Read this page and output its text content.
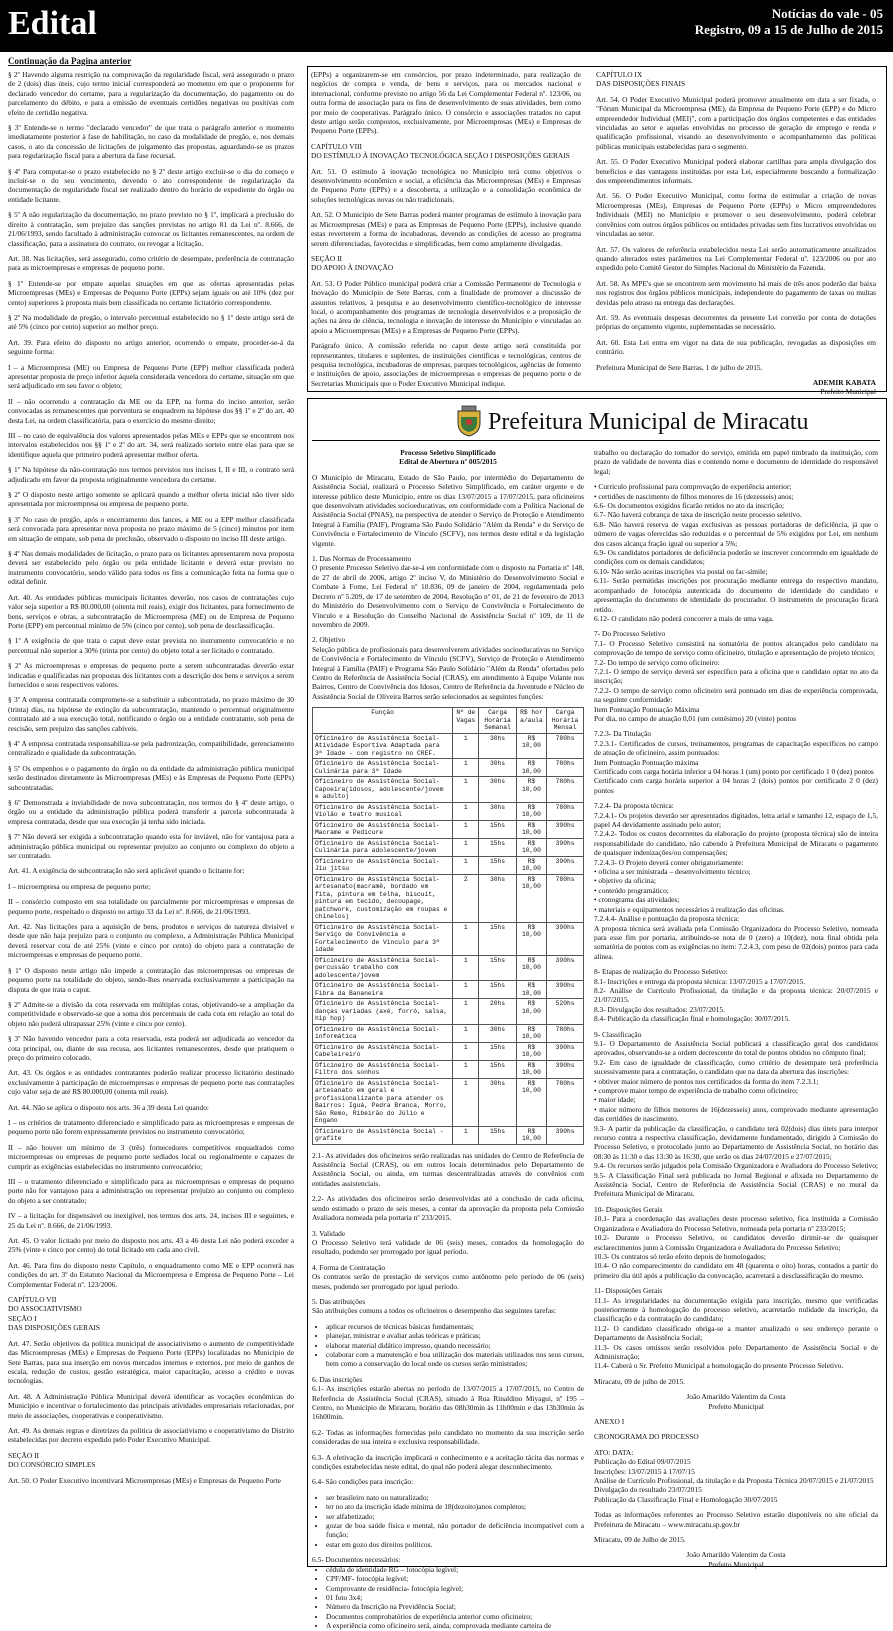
Edital	Notícias do vale - 05
Registro, 09 a 15 de Julho de 2015
Continuação da Pagina anterior

§ 2º Havendo alguma restrição na comprovação da regularidade fiscal, será assegurado o prazo de 2 (dois) dias úteis, cujo termo inicial corresponderá ao momento em que o proponente for declarado vencedor do certame, para a regularização da documentação, do pagamento ou do parcelamento do débito, e para a emissão de eventuais certidões negativas ou positivas com efeito de certidão negativa.

§ 3º Entende-se o termo "declarado vencedor" de que trata o parágrafo anterior o momento imediatamente posterior à fase de habilitação, no caso da modalidade de pregão, e, nos demais casos, o ato da concessão de licitações de julgamento das propostas, aguardando-se os prazos para regularização fiscal para a abertura da fase recursal.

§ 4º Para computar-se o prazo estabelecido no § 2º deste artigo excluir-se o dia do começo e incluir-se o do seu vencimento, devendo o ato correspondente de regularização da documentação de regularidade fiscal ser realizado dentro do horário de expediente do órgão ou entidade licitante.

§ 5º A não regularização da documentação, no prazo previsto no § 1º, implicará a preclusão do direito à contratação, sem prejuízo das sanções previstas no artigo 81 da Lei nº. 8.666, de 21/06/1993, sendo facultado à administração convocar os licitantes remanescentes, na ordem de classificação, para a assinatura do contrato, ou revogar a licitação.

Art. 38. Nas licitações, será assegurado, como critério de desempate, preferência de contratação para as microempresas e empresas de pequeno porte.

§ 1º Entende-se por empate aquelas situações em que as ofertas apresentadas pelas Microempresas (MEs) e Empresas de Pequeno Porte (EPPs) sejam iguais ou até 10% (dez por cento) superiores à proposta mais bem classificada no certame licitatório correspondente.

§ 2º Na modalidade de pregão, o intervalo percentual estabelecido no § 1º deste artigo será de até 5% (cinco por cento) superior ao melhor preço.

Art. 39. Para efeito do disposto no artigo anterior, ocorrendo o empate, proceder-se-á da seguinte forma:

I – a Microempresa (ME) ou Empresa de Pequeno Porte (EPP) melhor classificada poderá apresentar proposta de preço inferior àquela considerada vencedora do certame, situação em que será adjudicado em seu favor o objeto;

II – não ocorrendo a contratação da ME ou da EPP, na forma do inciso anterior, serão convocadas as remanescentes que porventura se enquadrem na hipótese dos §§ 1º e 2º do art. 40 desta Lei, na ordem classificatória, para o exercício do mesmo direito;

III – no caso de equivalência dos valores apresentados pelas MEs e EPPs que se encontrem nos intervalos estabelecidos nos §§ 1º e 2º do art. 34, será realizado sorteio entre elas para que se identifique aquela que primeiro poderá apresentar melhor oferta.

§ 1º Na hipótese da não-contratação nos termos previstos nos incisos I, II e III, o contrato será adjudicado em favor da proposta originalmente vencedora do certame.

§ 2º O disposto neste artigo somente se aplicará quando a melhor oferta inicial não tiver sido apresentada por microempresa ou empresa de pequeno porte.

§ 3º No caso de pregão, após o encerramento dos lances, a ME ou a EPP melhor classificada será convocada para apresentar nova proposta no prazo máximo de 5 (cinco) minutos por item em situação de empate, sob pena de preclusão, observado o disposto no inciso III deste artigo.

§ 4º Nas demais modalidades de licitação, o prazo para os licitantes apresentarem nova proposta deverá ser estabelecido pelo órgão ou pela entidade licitante e deverá estar previsto no instrumento convocatório, sendo válido para todos os fins a comunicação feita na forma que o edital definir.

Art. 40. As entidades públicas municipais licitantes deverão, nos casos de contratações cujo valor seja superior a R$ 80.000,00 (oitenta mil reais), exigir dos licitantes, para fornecimento de bens, serviços e obras, a subcontratação de Microempresa (ME) ou de Empresa de Pequeno Porte (EPP) em percentual mínimo de 5% (cinco por cento), sob pena de desclassificação.

§ 1º A exigência de que trata o caput deve estar prevista no instrumento convocatório e no percentual não superior a 30% (trinta por cento) do objeto total a ser licitado e contratado.

§ 2º As microempresas e empresas de pequeno porte a serem subcontratadas deverão estar indicadas e qualificadas nas propostas dos licitantes com a descrição dos bens e serviços a serem fornecidos e seus respectivos valores.

§ 3º A empresa contratada compromete-se a substituir a subcontratada, no prazo máximo de 30 (trinta) dias, na hipótese de extinção da subcontratação, mantendo o percentual originalmente contratado até a sua execução total, notificando o órgão ou a entidade contratante, sob pena de rescisão, sem prejuízo das sanções cabíveis.

§ 4º A empresa contratada responsabiliza-se pela padronização, compatibilidade, gerenciamento centralizado e qualidade da subcontratação.

§ 5º Os empenhos e o pagamento do órgão ou da entidade da administração pública municipal serão destinados diretamente às Microempresas (MEs) e às Empresas de Pequeno Porte (EPPs) subcontratadas.

§ 6º Demonstrada a inviabilidade de nova subcontratação, nos termos do § 4º deste artigo, o órgão ou a entidade da administração pública poderá transferir a parcela subcontratada à empresa contratada, desde que sua execução já tenha sido iniciada.

§ 7º Não deverá ser exigida a subcontratação quando esta for inviável, não for vantajosa para a administração pública municipal ou representar prejuízo ao conjunto ou complexo do objeto a ser contratado.

Art. 41. A exigência de subcontratação não será aplicável quando o licitante for:

I – microempresa ou empresa de pequeno porte;

II – consórcio composto em sua totalidade ou parcialmente por microempresas e empresas de pequeno porte, respeitado o disposto no artigo 33 da Lei nº. 8.666, de 21/06/1993.

Art. 42. Nas licitações para a aquisição de bens, produtos e serviços de natureza divisível e desde que não haja prejuízo para o conjunto ou complexo, a Administração Pública Municipal deverá reservar cota de até 25% (vinte e cinco por cento) do objeto para a contratação de microempresas e empresas de pequeno porte.

§ 1º O disposto neste artigo não impede a contratação das microempresas ou empresas de pequeno porte na totalidade do objeto, sendo-lhes reservada exclusivamente a participação na disputa de que trata o caput.

§ 2º Admite-se a divisão da cota reservada em múltiplas cotas, objetivando-se a ampliação da competitividade e observado-se que a soma dos percentuais de cada cota em relação ao total do objeto não poderá ultrapassar 25% (vinte e cinco por cento).

§ 3º Não havendo vencedor para a cota reservada, esta poderá ser adjudicada ao vencedor da cota principal, ou, diante de sua recusa, aos licitantes remanescentes, desde que pratiquem o preço do primeiro colocado.

Art. 43. Os órgãos e as entidades contratantes poderão realizar processo licitatório destinado exclusivamente à participação de microempresas e empresas de pequeno porte nas contratações cujo valor seja de até R$ 80.000,00 (oitenta mil reais).

Art. 44. Não se aplica o disposto nos arts. 36 a 39 desta Lei quando:

I – os critérios de tratamento diferenciado e simplificado para as microempresas e empresas de pequeno porte não forem expressamente previstos no instrumento convocatório;

II – não houver um mínimo de 3 (três) fornecedores competitivos enquadrados como microempresas ou empresas de pequeno porte sediados local ou regionalmente e capazes de cumprir as exigências estabelecidas no instrumento convocatório;

III – o tratamento diferenciado e simplificado para as microempresas e empresas de pequeno porte não for vantajoso para a administração ou representar prejuízo ao conjunto ou complexo do objeto a ser contratado;

IV – a licitação for dispensável ou inexigível, nos termos dos arts. 24, incisos III e seguintes, e 25 da Lei nº. 8.666, de 21/06/1993.

Art. 45. O valor licitado por meio do disposto nos arts. 43 a 46 desta Lei não poderá exceder a 25% (vinte e cinco por cento) do total licitado em cada ano civil.

Art. 46. Para fins do disposto neste Capítulo, o enquadramento como ME e EPP ocorrerá nas condições do art. 3º do Estatuto Nacional da Microempresa e Empresa de Pequeno Porte – Lei Complementar Federal nº. 123/2006.

CAPÍTULO VII
DO ASSOCIATIVISMO
SEÇÃO I
DAS DISPOSIÇÕES GERAIS

Art. 47. Serão objetivos da política municipal de associativismo o aumento de competitividade das Microempresas (MEs) e Empresas de Pequeno Porte (EPPs) localizadas no Município de Sete Barras, para sua inserção em novos mercados internos e externos, por meio de ganhos de escala, redução de custos, gestão estratégica, maior capacitação, acesso a crédito e novas tecnologias.

Art. 48. A Administração Pública Municipal deverá identificar as vocações econômicas do Município e incentivar o fortalecimento das principais atividades empresariais relacionadas, por meio de associações, cooperativas e cooperativismo.

Art. 49. As demais regras e diretrizes da política de associativismo e cooperativismo do Distrito estabelecidas por decreto expedido pelo Poder Executivo Municipal.

SEÇÃO II
DO CONSÓRCIO SIMPLES

Art. 50. O Poder Executivo incentivará Microempresas (MEs) e Empresas de Pequeno Porte

(EPPs) a organizarem-se em consórcios, por prazo indeterminado, para realização de negócios de compra e venda, de bens e serviços, para os mercados nacional e internacional, conforme previsto no artigo 56 da Lei Complementar Federal nº. 123/06, ou outra forma de associação para os fins de desenvolvimento de suas atividades, bem como por meio de cooperativas. Parágrafo único. O consórcio e associações tratados no caput deste artigo serão compostos, exclusivamente, por Microempresas (MEs) e Empresas de Pequeno Porte (EPPs).

CAPÍTULO VIII
DO ESTÍMULO À INOVAÇÃO TECNOLÓGICA SEÇÃO I DISPOSIÇÕES GERAIS

Art. 51. O estímulo à inovação tecnológica no Município terá como objetivos o desenvolvimento econômico e social, a eficiência das Microempresas (MEs) e Empresas de Pequeno Porte (EPPs) e a descoberta, a utilização e a consolidação econômica de soluções tecnológicas novas ou não tradicionais.

Art. 52. O Município de Sete Barras poderá manter programas de estímulo à inovação para as Microempresas (MEs) e para as Empresas de Pequeno Porte (EPPs), inclusive quando estas reverterem a forma de incubadoras, devendo as condições de acesso ao programa serem diferenciadas, favorecidas e simplificadas, bem como amplamente divulgadas.

SEÇÃO II
DO APOIO À INOVAÇÃO

Art. 53. O Poder Público municipal poderá criar a Comissão Permanente de Tecnologia e Inovação do Município de Sete Barras, com a finalidade de promover a discussão de assuntos relativos, à pesquisa e ao desenvolvimento científico-tecnológico de interesse local, o acompanhamento dos programas de tecnologia desenvolvidos e a proposição de ações na área de ciência, tecnologia e inovação de interesse do Município e vinculadas ao apoio a Microempresas (MEs) e a Empresas de Pequeno Porte (EPPs).

Parágrafo único. A comissão referida no caput deste artigo será constituída por representantes, titulares e suplentes, de instituições científicas e tecnológicas, centros de pesquisa tecnológica, incubadoras de empresas, parques tecnológicos, agências de fomento e instituições de apoio, associações de microempresas e empresas de pequeno porte e de Secretarias Municipais que o Poder Executivo Municipal indique.

CAPÍTULO IX
DAS DISPOSIÇÕES FINAIS

Art. 54. O Poder Executivo Municipal poderá promover anualmente em data a ser fixada, o "Fórum Municipal da Microempresa (ME), da Empresa de Pequeno Porte (EPP) e do Micro empreendedor Individual (MEI)", com a participação dos órgãos competentes e das entidades vinculadas ao setor e aquelas envolvidas no processo de geração de emprego e renda e qualificação profissional, visando ao desenvolvimento e acompanhamento das políticas públicas municipais estabelecidas para o segmento.

Art. 55. O Poder Executivo Municipal poderá elaborar cartilhas para ampla divulgação dos benefícios e das vantagens instituídas por esta Lei, especialmente buscando a formalização dos empreendimentos informais.

Art. 56. O Poder Executivo Municipal, como forma de estimular a criação de novas Microempresas (MEs), Empresas de Pequeno Porte (EPPs) e Micro empreendedores Individuais (MEI) no Município e promover o seu desenvolvimento, poderá celebrar convênios com outros órgãos públicos ou entidades privadas sem fins lucrativos envolvidas ou vinculadas ao setor.

Art. 57. Os valores de referência estabelecidos nesta Lei serão automaticamente atualizados quando alterados estes parâmetros na Lei Complementar Federal nº. 123/2006 ou por ato expedido pelo Comitê Gestor do Simples Nacional do Ministério da Fazenda.

Art. 58. As MPE's que se encontrem sem movimento há mais de três anos poderão dar baixa nos registros dos órgãos públicos municipais, independente do pagamento de taxas ou multas devidas pelo atraso na entrega das declarações.

Art. 59. As eventuais despesas decorrentes da presente Lei correrão por conta de dotações próprias do orçamento vigente, suplementadas se necessário.

Art. 60. Esta Lei entra em vigor na data de sua publicação, revogadas as disposições em contrário.

Prefeitura Municipal de Sete Barras, 1 de julho de 2015.

ADEMIR KABATA
Prefeito Municipal
Prefeitura Municipal de Miracatu
Processo Seletivo Simplificado
Edital de Abertura nº 005/2015

O Município de Miracatu, Estado de São Paulo, por intermédio do Departamento de Assistência Social, realizará o Processo Seletivo Simplificado, em caráter urgente e de interesse público deste Município, entre os dias 13/07/2015 a 17/07/2015, para oficineiros que desenvolvam atividades socioeducativas, em conformidade com a Política Nacional de Assistência Social (PNAS), na perspectiva de atender o Serviço de Proteção e Atendimento Integral à Família (PAIF), Programa São Paulo Solidário "Além da Renda" e do Serviço de Convivência e Fortalecimento de Vínculo (SCFV), nos termos deste edital e da legislação vigente.

1. Das Normas de Processamento
O presente Processo Seletivo dar-se-á em conformidade com o disposto na Portaria nº 148, de 27 de abril de 2006, artigo 2º inciso V, do Ministério do Desenvolvimento Social e Combate à Fome, Lei Federal nº 10.836, 09 de janeiro de 2004, regulamentada pelo Decreto nº 5.209, de 17 de setembro de 2004, Resolução nº 01, de 21 de fevereiro de 2013 do Ministério do Desenvolvimento com o Serviço de Convivência e Fortalecimento de Vínculo e a Resolução do Conselho Nacional de Assistência Social nº 109, de 11 de novembro de 2009.

2. Objetivo
Seleção pública de profissionais para desenvolverem atividades socioeducativas no Serviço de Convivência e Fortalecimento de Vínculo (SCFV), Serviço de Proteção e Atendimento Integral à Família (PAIF) e Programa São Paulo Solidário "Além da Renda" ofertados pelo Centro de Referência de Assistência Social (CRAS), em atendimento à Equipe Volante nos Bairros, Centro de Convivência dos Idosos, Centro de Referência da Juventude e Núcleo de Assistência Social de Oliveira Barros serão selecionados as seguintes funções:

Função	Nº de Vagas	Carga Horária Semanal	R$ hor a/aula	Carga Horária Mensal
Oficineiro de Assistência Social- Atividade Esportiva Adaptada para 3ª Idade - com registro no CREF.	1	30hs	R$ 10,00	780hs
Oficineiro de Assistência Social- Culinária para 3ª Idade	1	30hs	R$ 10,00	780hs
Oficineiro de Assistência Social- Capoeira(idosos, adolescente/jovem e adulto)	1	30hs	R$ 10,00	780hs
Oficineiro de Assistência Social- Violão e teatro musical	1	30hs	R$ 10,00	780hs
Oficineiro de Assistência Social- Macrame e Pedicure	1	15hs	R$ 10,00	390hs
Oficineiro de Assistência Social- Culinária para adolescente/jovem	1	15hs	R$ 10,00	390hs
Oficineiro de Assistência Social- Jiu jitsu	1	15hs	R$ 10,00	390hs
Oficineiro de Assistência Social- artesanato(macramê, bordado em fita, pintura em telha, biscuit, pintura em tecido, decoupage, patchwork, customização em roupas e chinelos)	2	30hs	R$ 10,00	780hs
Oficineiro de Assistência Social- Serviço de Convivência e Fortalecimento de Vínculo para 3ª idade	1	15hs	R$ 10,00	390hs
Oficineiro de Assistência Social- percussão trabalho com adolescente/jovem	1	15hs	R$ 10,00	390hs
Oficineiro de Assistência Social- Fibra da Bananeira	1	15hs	R$ 10,00	390hs
Oficineiro de Assistência Social- danças variadas (axé, forró, salsa, hip hop)	1	20hs	R$ 10,00	520hs
Oficineiro de Assistência Social- informática	1	30hs	R$ 10,00	780hs
Oficineiro de Assistência Social- Cabeleireiro	1	15hs	R$ 10,00	390hs
Oficineiro de Assistência Social- Filtro dos sonhos	1	15hs	R$ 10,00	390hs
Oficineiro de Assistência Social- artesanato em geral e profissionalizante para atender os Bairros: Iguá, Pedra Branca, Morro, São Remo, Ribeirão do Júlio e Engano	1	30hs	R$ 10,00	780hs
Oficineiro de Assistência Social - grafite	1	15hs	R$ 10,00	390hs

2.1- As atividades dos oficineiros serão realizadas nas unidades do Centro de Referência de Assistência Social (CRAS), ou em outros locais determinados pelo Departamento de Assistência Social, ou ainda, em turmas descentralizadas através de convênios com entidades assistenciais.

2.2- As atividades dos oficineiros serão desenvolvidas até a conclusão de cada oficina, sendo estimado o prazo de seis meses, a contar da aprovação da proposta pela Comissão Avaliadora nomeada pela portaria nº 233/2015.

3. Validade
O Processo Seletivo terá validade de 06 (seis) meses, contados da homologação do resultado, podendo ser prorrogado por igual período.

4. Forma de Contratação
Os contratos serão de prestação de serviços como autônomo pelo período de 06 (seis) meses, podendo ser prorrogado por igual período.

5. Das atribuições
São atribuições comuns a todos os oficineiros o desempenho das seguintes tarefas:

• aplicar recursos de técnicas básicas fundamentais;
• planejar, ministrar e avaliar aulas teóricas e práticas;
• elaborar material didático impresso, quando necessário;
• colaborar com a manutenção e boa utilização dos materiais utilizados nos seus cursos, bem como a conservação do local onde os cursos serão ministrados;

6. Das inscrições
6.1- As inscrições estarão abertas no período de 13/07/2015 a 17/07/2015, no Centro de Referência de Assistência Social (CRAS), situado à Rua Rinaldino Miyagui, nº 195 – Centro, no Município de Miracatu, horário das 08h30min às 11h00min e das 13h30min às 16h00min.

6.2- Todas as informações fornecidas pelo candidato no momento da sua inscrição serão consideradas de sua inteira e exclusiva responsabilidade.

6.3- A efetivação da inscrição implicará o conhecimento e a aceitação tácita das normas e condições estabelecidas neste edital, do qual não poderá alegar desconhecimento.

6.4- São condições para inscrição:

• ser brasileiro nato ou naturalizado;
• ter no ato da inscrição idade mínima de 18(dezoito)anos completos;
• ser alfabetizado;
• gozar de boa saúde física e mental, não portador de deficiência incompatível com a função;
• estar em gozo dos direitos políticos.
6.5- Documentos necessários:
• cédula de identidade RG – fotocópia legível;
• CPF/MF- fotocópia legível;
• Comprovante de residência- fotocópia legível;
• 01 foto 3x4;
• Número da Inscrição na Previdência Social;
• Documentos comprobatórios de experiência anterior como oficineiro;
• A experiência como oficineiro será, ainda, comprovada mediante carteira de

trabalho ou declaração do tomador do serviço, emitida em papel timbrado da instituição, com prazo de validade de noventa dias e contendo nome e documento de identidade do responsável legal;

• Currículo profissional para comprovação de experiência anterior;
• certidões de nascimento de filhos menores de 16 (dezesseis) anos;
6.6- Os documentos exigidos ficarão retidos no ato da inscrição;
6.7- Não haverá cobrança de taxa de inscrição neste processo seletivo.
6.8- Não haverá reserva de vagas exclusivas as pessoas portadoras de deficiência, já que o número de vagas oferecidas são reduzidas e o percentual de 5% exigidos por Lei, em nenhum dos casos alcança fração igual ou superior a 5%;
6.9- Os candidatos portadores de deficiência poderão se inscrever concorrendo em igualdade de condições com os demais candidatos;
6.10- Não serão aceitas inscrições via postal ou fac-símile;
6.11- Serão permitidas inscrições por procuração mediante entrega do respectivo mandato, acompanhado de fotocópia autenticada do documento de identidade do candidato e apresentação do documento de identidade do procurador. O instrumento de procuração ficará retido.
6.12- O candidato não poderá concorrer a mais de uma vaga.

7- Do Processo Seletivo
7.1- O Processo Seletivo consistirá na somatória de pontos alcançados pelo candidato na comprovação de tempo de serviço como oficineiro, titulação e apresentação de projeto técnico;
7.2- Do tempo de serviço como oficineiro:
7.2.1- O tempo de serviço deverá ser específico para a oficina que o candidato optar no ato da inscrição;
7.2.2- O tempo de serviço como oficineiro será pontuado em dias de experiência comprovada, na seguinte conformidade:
Item Pontuação Pontuação Máxima
Por dia, no campo de atuação 0,01 (um centésimo) 20 (vinte) pontos

7.2.3- Da Titulação
7.2.3.1- Certificados de cursos, treinamentos, programas de capacitação específicos no campo de atuação de oficineiro, assim pontuados:
Item Pontuação Pontuação máxima
Certificado com carga horária inferior a 04 horas 1 (um) ponto por certificado 1 0 (dez) pontos
Certificado com carga horária superior a 04 horas 2 (dois) pontos por certificado 2 0 (dez) pontos

7.2.4- Da proposta técnica:
7.2.4.1- Os projetos deverão ser apresentados digitados, letra arial e tamanho 12, espaço de 1,5, papel A4 devidamente assinado pelo autor;
7.2.4.2- Todos os custos decorrentes da elaboração do projeto (proposta técnica) são de inteira responsabilidade do candidato, não cabendo à Prefeitura Municipal de Miracatu o pagamento de quaisquer indenizações/ou compensações;
7.2.4.3- O Projeto deverá conter obrigatoriamente:
• oficina a ser ministrada – desenvolvimento técnico;
• objetivo da oficina;
• conteúdo programático;
• cronograma das atividades;
• materiais e equipamentos necessários à realização das oficinas.
7.2.4.4- Análise e pontuação da proposta técnica:
A proposta técnica será avaliada pela Comissão Organizadora do Processo Seletivo, nomeada para esse fim por portaria, atribuindo-se nota de 0 (zero) a 10(dez), nota final obtida pela somatória de pontos com as exigências no item: 7.2.4.3, com peso de 02(dois) pontos para cada alínea.

8- Etapas de realização do Processo Seletivo:
8.1- Inscrições e entrega da proposta técnica: 13/07/2015 a 17/07/2015.
8.2- Análise de Currículo Profissional, da titulação e da proposta técnica: 20/07/2015 e 21/07/2015.
8.3- Divulgação dos resultados: 23/07/2015.
8.4- Publicação da classificação final e homologação: 30/07/2015.

9- Classificação
9.1- O Departamento de Assistência Social publicará a classificação geral dos candidatos aprovados, observando-se a ordem decrescente do total de pontos obtidos no cômputo final;
9.2- Em caso de igualdade de classificação, como critério de desempate terá preferência sucessivamente para a contratação, o candidato que na data da abertura das inscrições:
• obtiver maior número de pontos nos certificados da forma do item 7.2.3.1;
• comprove maior tempo de experiência de trabalho como oficineiro;
• maior idade;
• maior número de filhos menores de 16(dezesseis) anos, comprovado mediante apresentação das certidões de nascimento.
9.3- A partir da publicação da classificação, o candidato terá 02(dois) dias úteis para interpor recurso contra a respectiva classificação, devidamente fundamentado, dirigido à Comissão do Processo Seletivo, e protocolado junto ao Departamento de Assistência Social, no horário das 08:30 às 11:30 e das 13:30 às 16:30, que serão os dias 24/07/2015 e 27/07/2015;
9.4- Os recursos serão julgados pela Comissão Organizadora e Avaliadora do Processo Seletivo;
9.5- A Classificação Final será publicada no Jornal Regional e afixada no Departamento de Assistência Social, Centro de Referência de Assistência Social (CRAS) e no mural da Prefeitura Municipal de Miracatu.

10- Disposições Gerais
10.1- Para a coordenação das avaliações deste processo seletivo, fica instituída a Comissão Organizadora e Avaliadora do Processo Seletivo, nomeada pela portaria nº 233/2015;
10.2- Durante o Processo Seletivo, os candidatos deverão dirimir-se de quaisquer esclarecimentos junto à Comissão Organizadora e Avaliadora do Processo Seletivo;
10.3- Os contratos só terão efeito depois de homologados;
10.4- O não comparecimento do candidato em 48 (quarenta e oito) horas, contados a partir do primeiro dia útil após a publicação da convocação, acarretará a desclassificação do mesmo.

11- Disposições Gerais
11.1- As irregularidades na documentação exigida para inscrição, mesmo que verificadas posteriormente à homologação do processo seletivo, acarretarão nulidade da inscrição, da classificação e da contratação do candidato;
11.2- O candidato classificado obriga-se a manter atualizado o seu endereço perante o Departamento de Assistência Social;
11.3- Os casos omissos serão resolvidos pelo Departamento de Assistência Social e de Administração;
11.4- Caberá o Sr. Prefeito Municipal a homologação do presente Processo Seletivo.

Miracatu, 09 de julho de 2015.

João Amarildo Valentim da Costa
Prefeito Municipal

ANEXO I

CRONOGRAMA DO PROCESSO

ATO: DATA:
Publicação do Edital 09/07/2015
Inscrições: 13/07/2015 à 17/07/15
Análise de Currículo Profissional, da titulação e da Proposta Técnica 20/07/2015 e 21/07/2015
Divulgação do resultado 23/07/2015
Publicação da Classificação Final e Homologação 30/07/2015

Todas as informações referentes ao Processo Seletivo estarão disponíveis no site oficial da Prefeitura de Miracatu – www.miracatu.sp.gov.br

Miracatu, 09 de Julho de 2015.

João Amarildo Valentim da Costa
Prefeito Municipal
